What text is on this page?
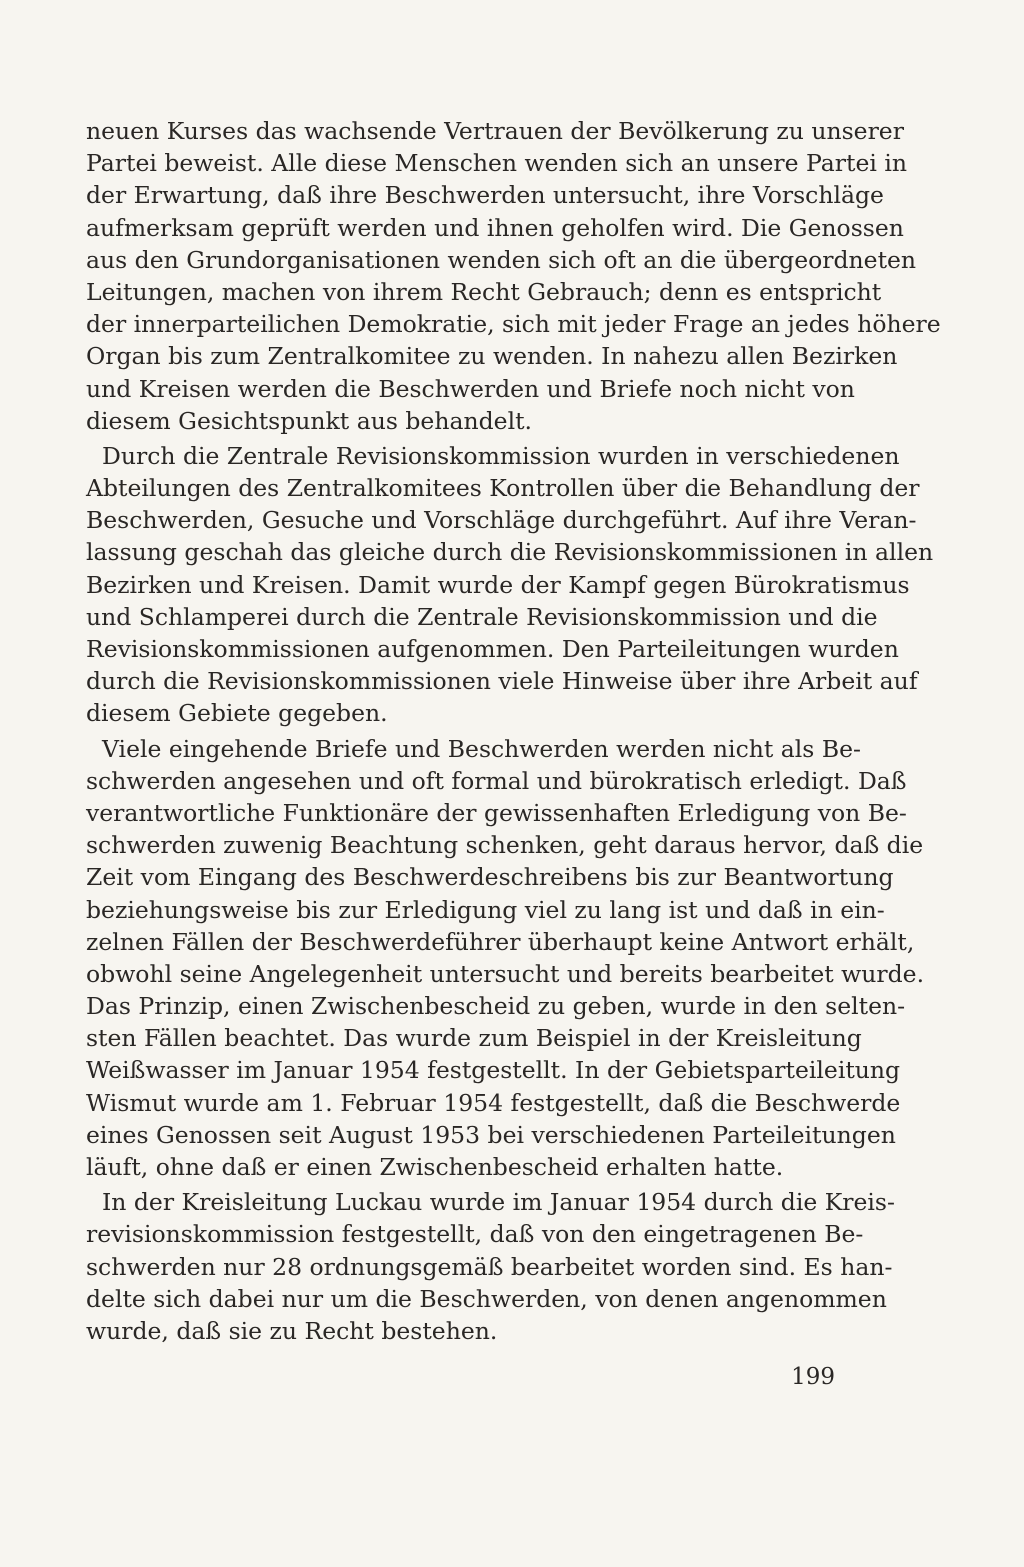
neuen Kurses das wachsende Vertrauen der Bevölkerung zu unserer
Partei beweist. Alle diese Menschen wenden sich an unsere Partei in
der Erwartung, daß ihre Beschwerden untersucht, ihre Vorschläge
aufmerksam geprüft werden und ihnen geholfen wird. Die Genossen
aus den Grundorganisationen wenden sich oft an die übergeordneten
Leitungen, machen von ihrem Recht Gebrauch; denn es entspricht
der innerparteilichen Demokratie, sich mit jeder Frage an jedes höhere
Organ bis zum Zentralkomitee zu wenden. In nahezu allen Bezirken
und Kreisen werden die Beschwerden und Briefe noch nicht von
diesem Gesichtspunkt aus behandelt.
Durch die Zentrale Revisionskommission wurden in verschiedenen
Abteilungen des Zentralkomitees Kontrollen über die Behandlung der
Beschwerden, Gesuche und Vorschläge durchgeführt. Auf ihre Veran-
lassung geschah das gleiche durch die Revisionskommissionen in allen
Bezirken und Kreisen. Damit wurde der Kampf gegen Bürokratismus
und Schlamperei durch die Zentrale Revisionskommission und die
Revisionskommissionen aufgenommen. Den Parteileitungen wurden
durch die Revisionskommissionen viele Hinweise über ihre Arbeit auf
diesem Gebiete gegeben.
Viele eingehende Briefe und Beschwerden werden nicht als Be-
schwerden angesehen und oft formal und bürokratisch erledigt. Daß
verantwortliche Funktionäre der gewissenhaften Erledigung von Be-
schwerden zuwenig Beachtung schenken, geht daraus hervor, daß die
Zeit vom Eingang des Beschwerdeschreibens bis zur Beantwortung
beziehungsweise bis zur Erledigung viel zu lang ist und daß in ein-
zelnen Fällen der Beschwerdeführer überhaupt keine Antwort erhält,
obwohl seine Angelegenheit untersucht und bereits bearbeitet wurde.
Das Prinzip, einen Zwischenbescheid zu geben, wurde in den selten-
sten Fällen beachtet. Das wurde zum Beispiel in der Kreisleitung
Weißwasser im Januar 1954 festgestellt. In der Gebietsparteileitung
Wismut wurde am 1. Februar 1954 festgestellt, daß die Beschwerde
eines Genossen seit August 1953 bei verschiedenen Parteileitungen
läuft, ohne daß er einen Zwischenbescheid erhalten hatte.
In der Kreisleitung Luckau wurde im Januar 1954 durch die Kreis-
revisionskommission festgestellt, daß von den eingetragenen Be-
schwerden nur 28 ordnungsgemäß bearbeitet worden sind. Es han-
delte sich dabei nur um die Beschwerden, von denen angenommen
wurde, daß sie zu Recht bestehen.
199
